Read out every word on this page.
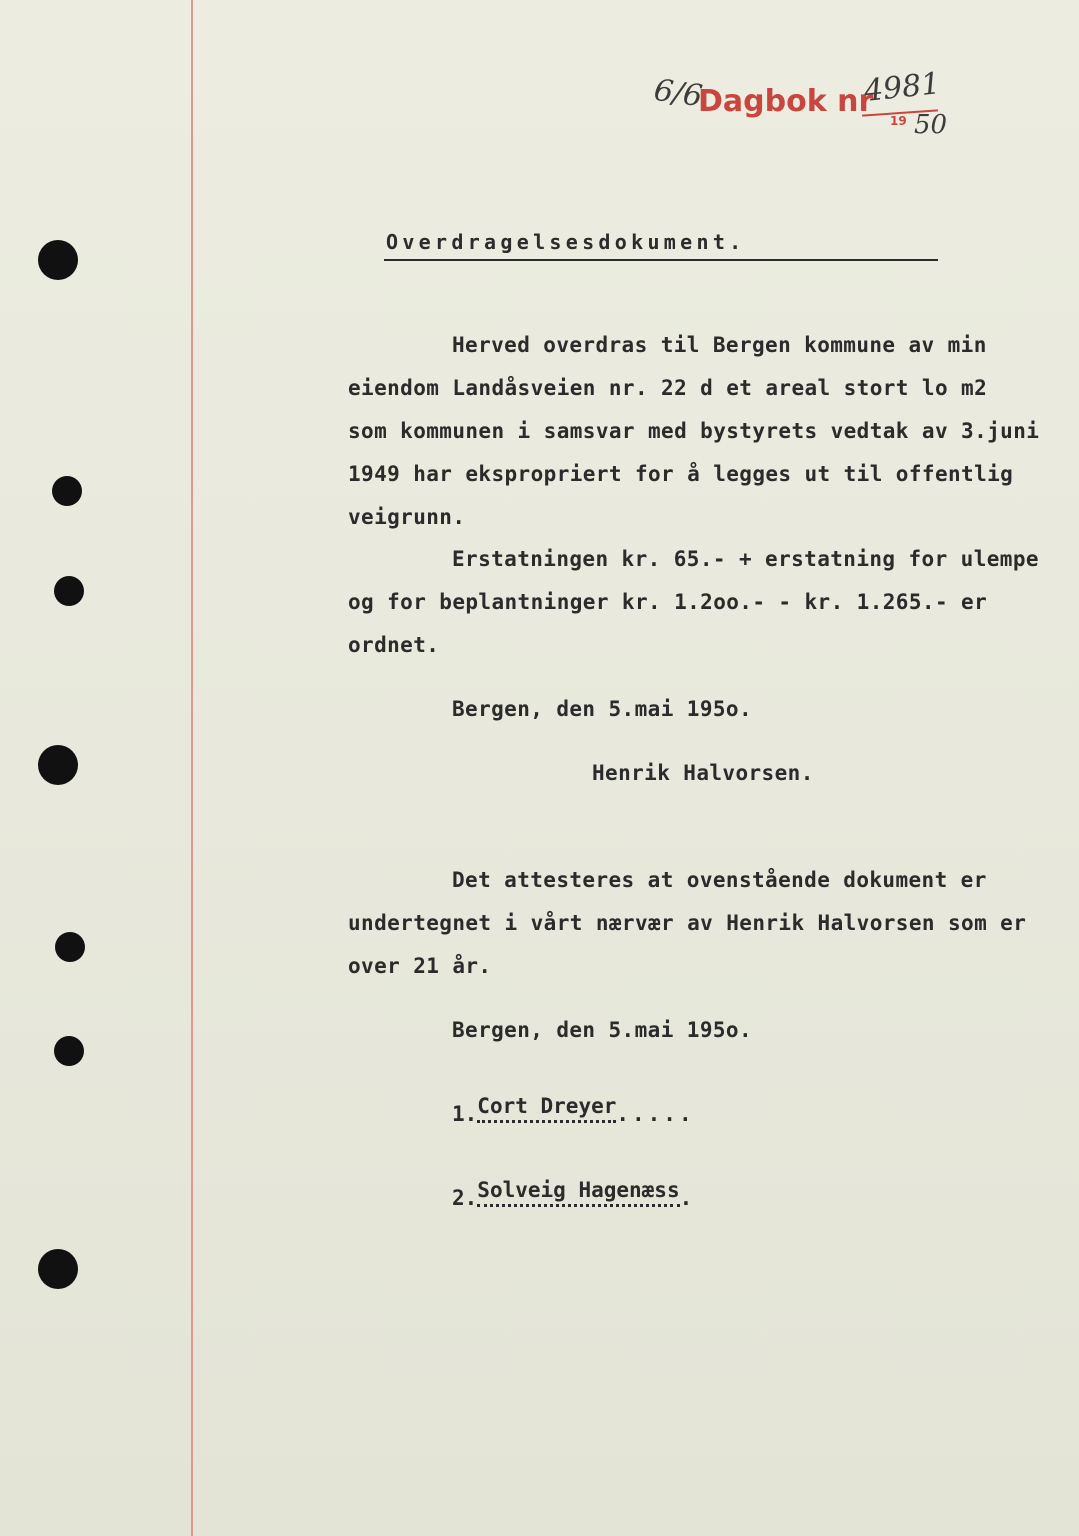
6/6
Dagbok nr
4981
19 50
Overdragelsesdokument.
Herved overdras til Bergen kommune av min
eiendom Landåsveien nr. 22 d et areal stort lo m2
som kommunen i samsvar med bystyrets vedtak av 3.juni
1949 har ekspropriert for å legges ut til offentlig
veigrunn.
Erstatningen kr. 65.- + erstatning for ulempe
og for beplantninger kr. 1.2oo.- - kr. 1.265.- er
ordnet.
Bergen, den 5.mai 195o.
Henrik Halvorsen.
Det attesteres at ovenstående dokument er
undertegnet i vårt nærvær av Henrik Halvorsen som er
over 21 år.
Bergen, den 5.mai 195o.
1.Cort Dreyer.....
2.Solveig Hagenæss.
